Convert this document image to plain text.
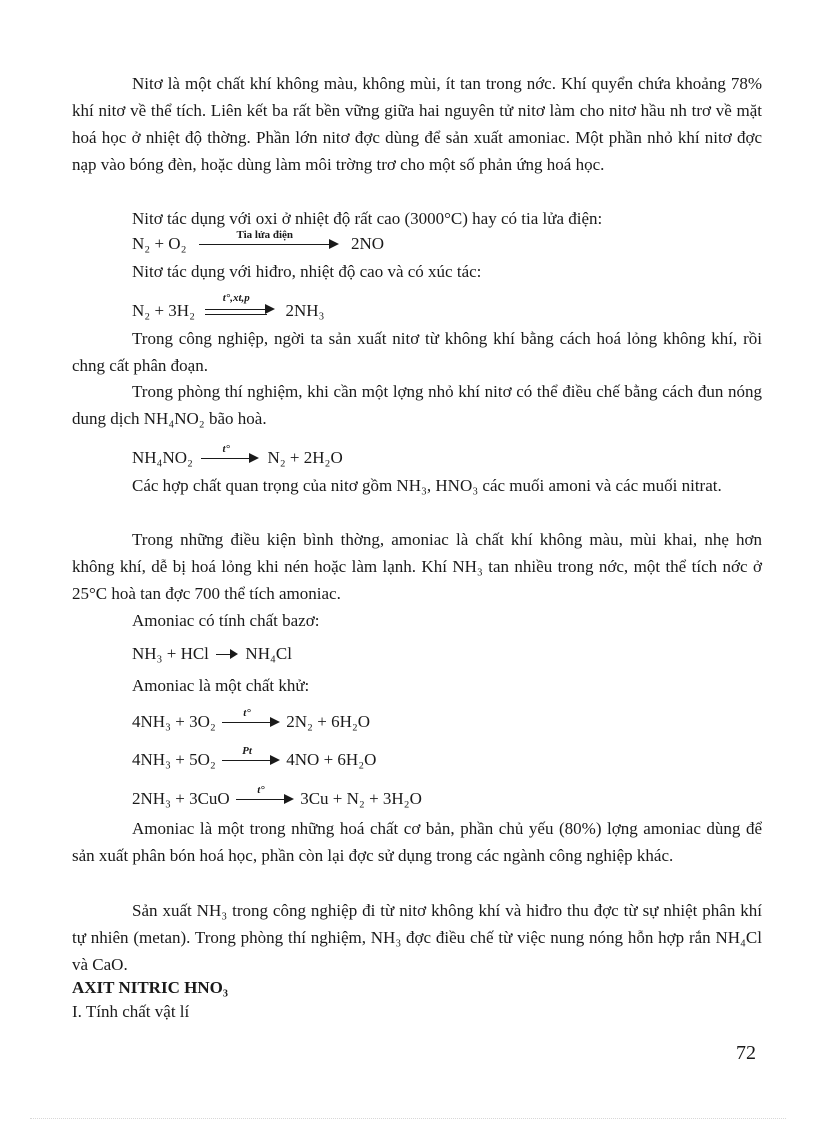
Nitơ là một chất khí không màu, không mùi, ít tan trong nớc. Khí quyển chứa khoảng 78% khí nitơ về thể tích. Liên kết ba rất bền vững giữa hai nguyên tử nitơ làm cho nitơ hầu nh trơ về mặt hoá học ở nhiệt độ thờng. Phần lớn nitơ đợc dùng để sản xuất amoniac. Một phần nhỏ khí nitơ đợc nạp vào bóng đèn, hoặc dùng làm môi trờng trơ cho một số phản ứng hoá học.

Nitơ tác dụng với oxi ở nhiệt độ rất cao (3000°C) hay có tia lửa điện:

N₂ + O₂	Tia lửa điện	2NO

Nitơ tác dụng với hiđro, nhiệt độ cao và có xúc tác:

N₂ + 3H₂
t°,xt,p
2NH₃

Trong công nghiệp, ngời ta sản xuất nitơ từ không khí bằng cách hoá lỏng không khí, rồi chng cất phân đoạn.

Trong phòng thí nghiệm, khi cần một lợng nhỏ khí nitơ có thể điều chế bằng cách đun nóng dung dịch NH₄NO₂ bão hoà.

NH₄NO₂	t°	N₂ + 2H₂O

Các hợp chất quan trọng của nitơ gồm NH₃, HNO₃ các muối amoni và các muối nitrat.

Trong những điều kiện bình thờng, amoniac là chất khí không màu, mùi khai, nhẹ hơn không khí, dễ bị hoá lỏng khi nén hoặc làm lạnh. Khí NH₃ tan nhiều trong nớc, một thể tích nớc ở 25°C hoà tan đợc 700 thể tích amoniac.

Amoniac có tính chất bazơ:

NH₃ + HCl NH₄Cl

Amoniac là một chất khử:

4NH₃ + 3O₂	t°	2N₂ + 6H₂O
4NH₃ + 5O₂	Pt	4NO + 6H₂O
2NH₃ + 3CuO	t°	3Cu + N₂ + 3H₂O

Amoniac là một trong những hoá chất cơ bản, phần chủ yếu (80%) lợng amoniac dùng để sản xuất phân bón hoá học, phần còn lại đợc sử dụng trong các ngành công nghiệp khác.

Sản xuất NH₃ trong công nghiệp đi từ nitơ không khí và hiđro thu đợc từ sự nhiệt phân khí tự nhiên (metan). Trong phòng thí nghiệm, NH₃ đợc điều chế từ việc nung nóng hỗn hợp rắn NH₄Cl và CaO.

AXIT NITRIC HNO₃
I. Tính chất vật lí
72
